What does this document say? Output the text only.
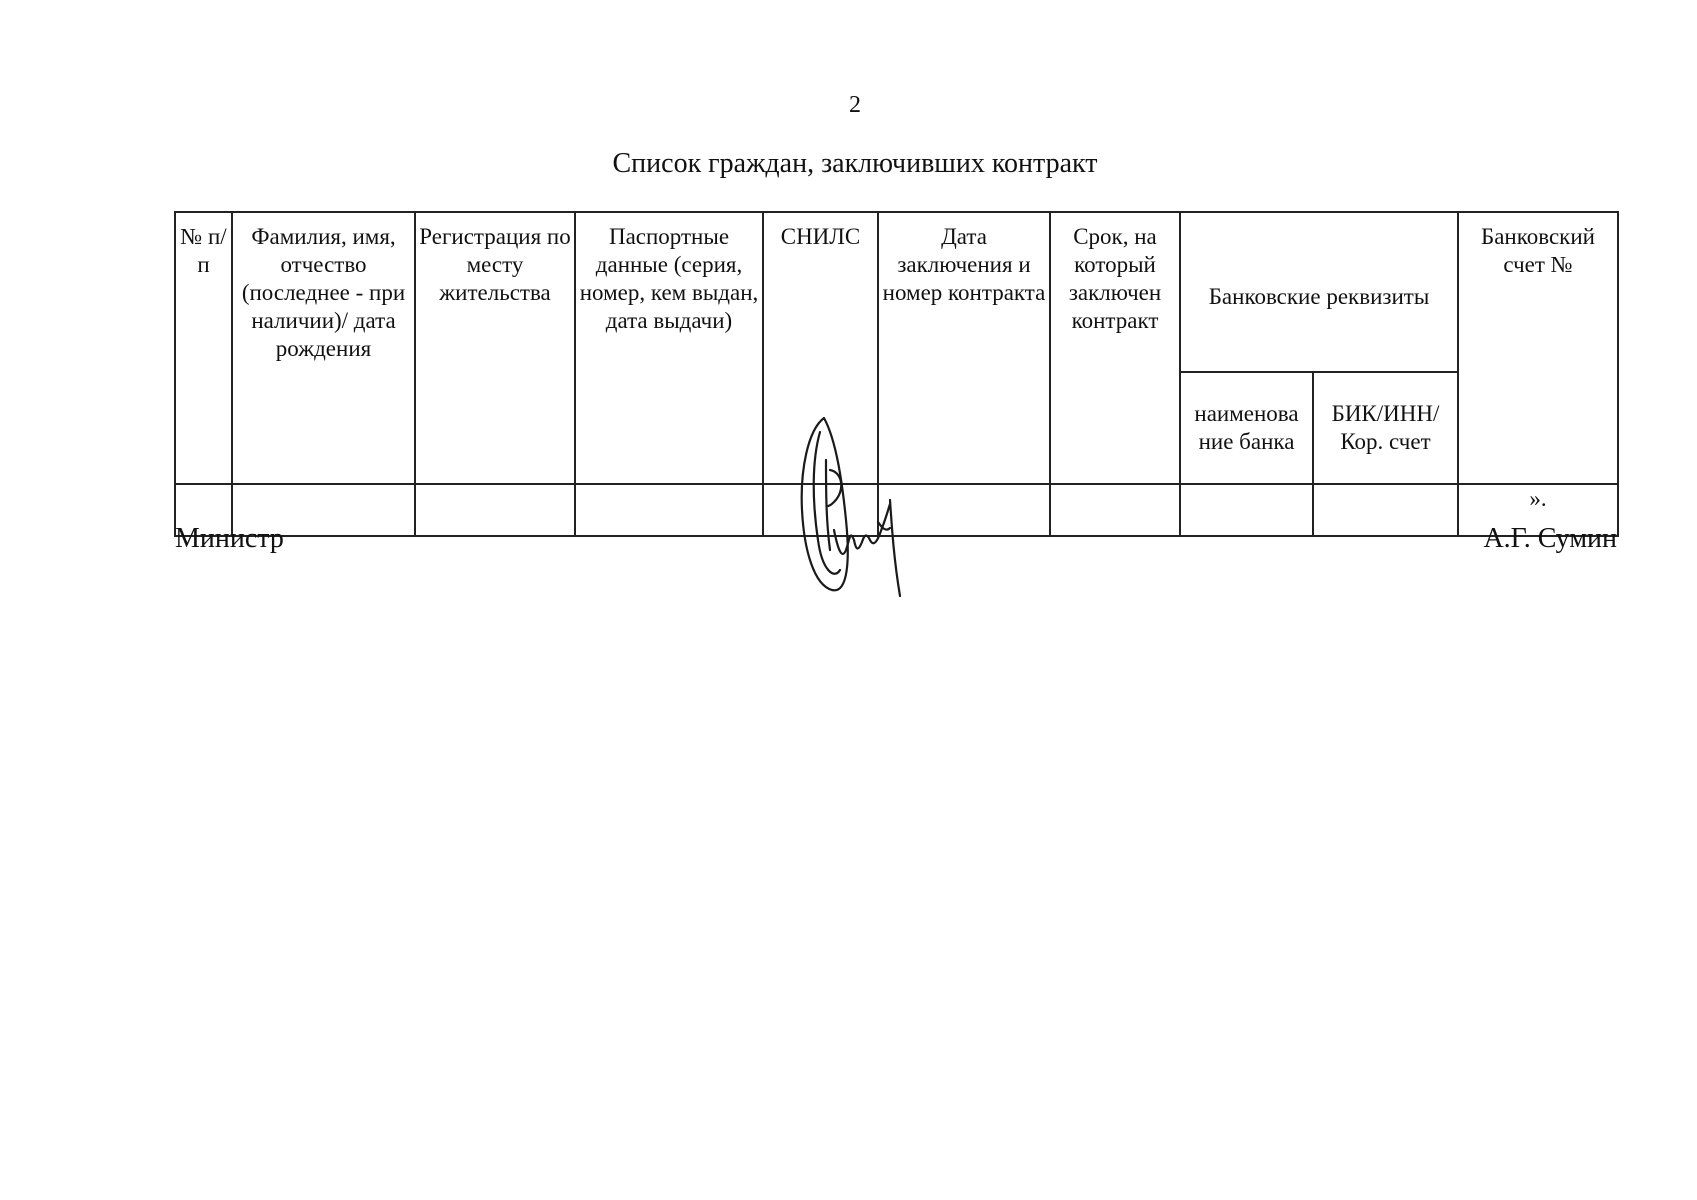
2
Список граждан, заключивших контракт
№ п/п	Фамилия, имя, отчество (последнее - при наличии)/ дата рождения	Регистрация по месту жительства	Паспортные данные (серия, номер, кем выдан, дата выдачи)	СНИЛС	Дата заключения и номер контракта	Срок, на который заключен контракт	Банковские реквизиты		Банковский счет №
							наименова ние банка	БИК/ИНН/ Кор. счет	
									».
Министр	А.Г. Сумин
